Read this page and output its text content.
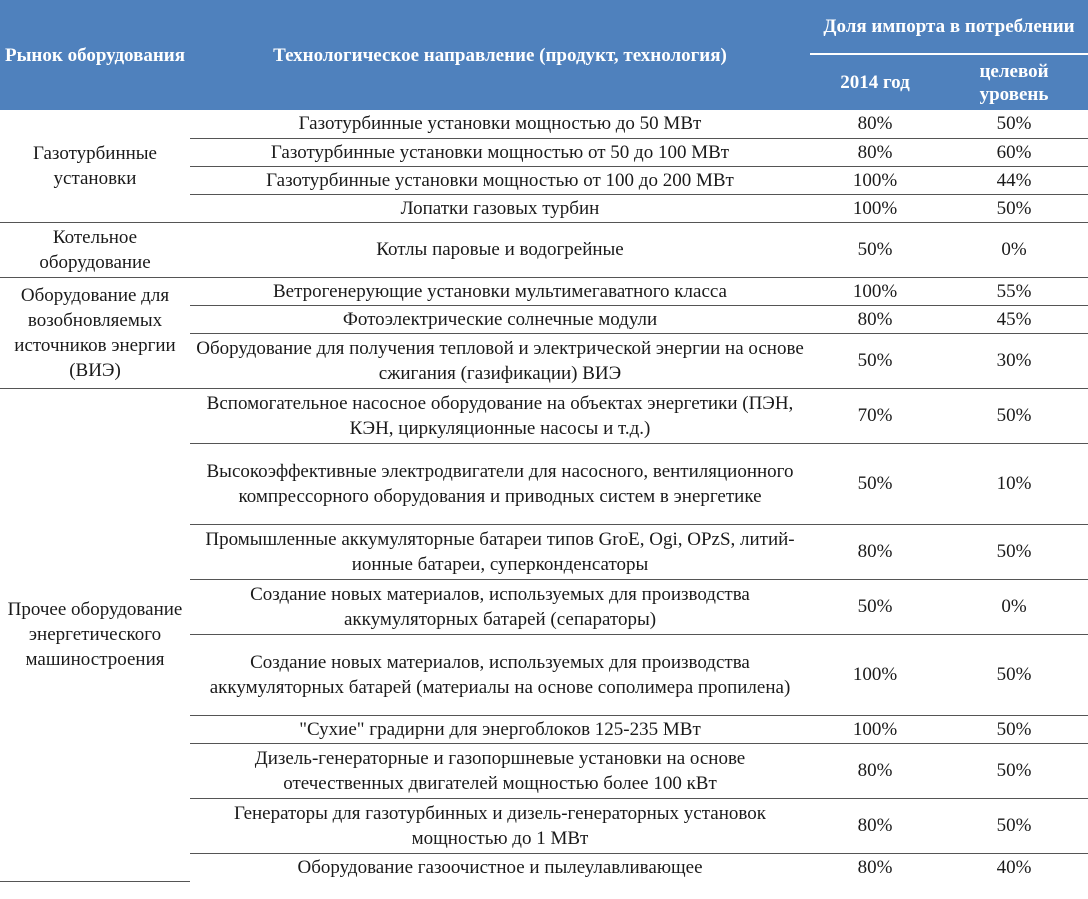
Рынок оборудования	Технологическое направление (продукт, технология)	Доля импорта в потреблении	
		2014 год	целевой уровень
Газотурбинные установки	Газотурбинные установки мощностью до 50 МВт	80%	50%
	Газотурбинные установки мощностью от 50 до 100 МВт	80%	60%
	Газотурбинные установки мощностью от 100 до 200 МВт	100%	44%
	Лопатки газовых турбин	100%	50%
Котельное оборудование	Котлы паровые и водогрейные	50%	0%
Оборудование для возобновляемых источников энергии (ВИЭ)	Ветрогенерующие установки мультимегаватного класса	100%	55%
	Фотоэлектрические солнечные модули	80%	45%
	Оборудование для получения тепловой и электрической энергии на основе сжигания (газификации) ВИЭ	50%	30%
Прочее оборудование энергетического машиностроения	Вспомогательное насосное оборудование на объектах энергетики (ПЭН, КЭН, циркуляционные насосы и т.д.)	70%	50%
	Высокоэффективные электродвигатели для насосного, вентиляционного компрессорного оборудования и приводных систем в энергетике	50%	10%
	Промышленные аккумуляторные батареи типов GroE, Ogi, OPzS, литий-ионные батареи, суперконденсаторы	80%	50%
	Создание новых материалов, используемых для производства аккумуляторных батарей (сепараторы)	50%	0%
	Создание новых материалов, используемых для производства аккумуляторных батарей (материалы на основе сополимера пропилена)	100%	50%
	"Сухие" градирни для энергоблоков 125-235 МВт	100%	50%
	Дизель-генераторные и газопоршневые установки на основе отечественных двигателей мощностью более 100 кВт	80%	50%
	Генераторы для газотурбинных и дизель-генераторных установок мощностью до 1 МВт	80%	50%
	Оборудование газоочистное и пылеулавливающее	80%	40%
